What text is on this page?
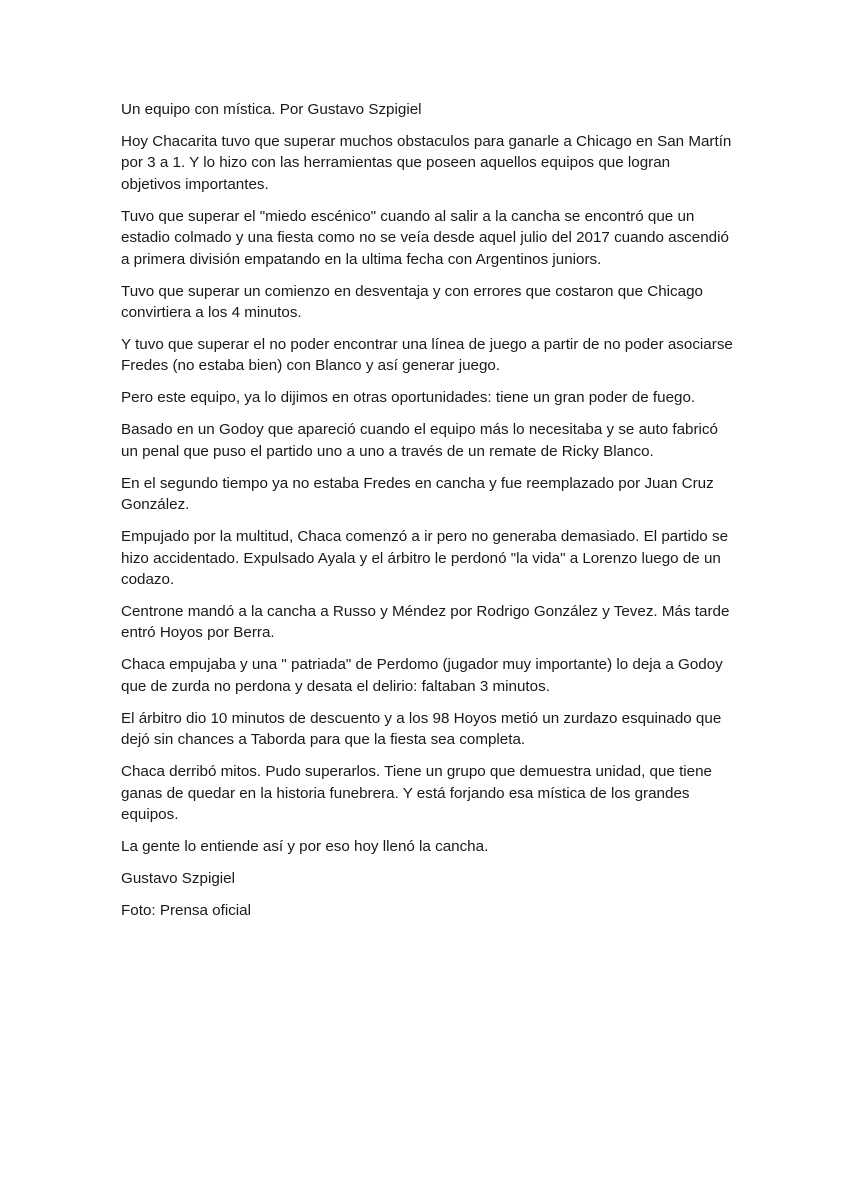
Un equipo con mística. Por Gustavo Szpigiel

Hoy Chacarita tuvo que superar muchos obstaculos para ganarle a Chicago en San Martín por 3 a 1. Y lo hizo con las herramientas que poseen aquellos equipos que logran objetivos importantes.

Tuvo que superar el "miedo escénico" cuando al salir a la cancha se encontró que un estadio colmado y una fiesta como no se veía desde aquel julio del 2017 cuando ascendió a primera división empatando en la ultima fecha con Argentinos juniors.

Tuvo que superar un comienzo en desventaja y con errores que costaron que Chicago convirtiera a los 4 minutos.

Y tuvo que superar el no poder encontrar una línea de juego a partir de no poder asociarse Fredes (no estaba bien) con Blanco y así generar juego.

Pero este equipo, ya lo dijimos en otras oportunidades: tiene un gran poder de fuego.

Basado en un Godoy que apareció cuando el equipo más lo necesitaba y se auto fabricó un penal que puso el partido uno a uno a través de un remate de Ricky Blanco.

En el segundo tiempo ya no estaba Fredes en cancha y fue reemplazado por Juan Cruz González.

Empujado por la multitud, Chaca comenzó a ir pero no generaba demasiado. El partido se hizo accidentado. Expulsado Ayala y el árbitro le perdonó "la vida" a Lorenzo luego de un codazo.

Centrone mandó a la cancha a Russo y Méndez por Rodrigo González y Tevez. Más tarde entró Hoyos por Berra.

Chaca empujaba y una " patriada" de Perdomo (jugador muy importante) lo deja a Godoy que de zurda no perdona y desata el delirio: faltaban 3 minutos.

El árbitro dio 10 minutos de descuento y a los 98 Hoyos metió un zurdazo esquinado que dejó sin chances a Taborda para que la fiesta sea completa.

Chaca derribó mitos. Pudo superarlos. Tiene un grupo que demuestra unidad, que tiene ganas de quedar en la historia funebrera. Y está forjando esa mística de los grandes equipos.

La gente lo entiende así y por eso hoy llenó la cancha.

Gustavo Szpigiel

Foto: Prensa oficial
